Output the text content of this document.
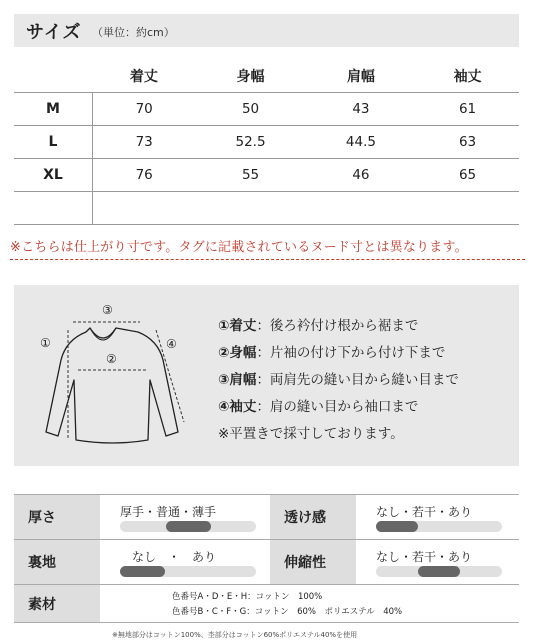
サイズ （単位：約cm）
	着丈	身幅	肩幅	袖丈
M	70	50	43	61
L	73	52.5	44.5	63
XL	76	55	46	65

※こちらは仕上がり寸です。タグに記載されているヌード寸とは異なります。
①
②
③
④
①着丈：後ろ衿付け根から裾まで
②身幅：片袖の付け下から付け下まで
③肩幅：両肩先の縫い目から縫い目まで
④袖丈：肩の縫い目から袖口まで
※平置きで採寸しております。
厚さ	厚手・普通・薄手	透け感	なし・若干・あり

裏地	なし　・　あり	伸縮性	なし・若干・あり

素材	色番号A・D・E・H：コットン　100%
色番号B・C・F・G：コットン　60%　ポリエステル　40%		
※無地部分はコットン100%、杢部分はコットン60%ポリエステル40%を使用
